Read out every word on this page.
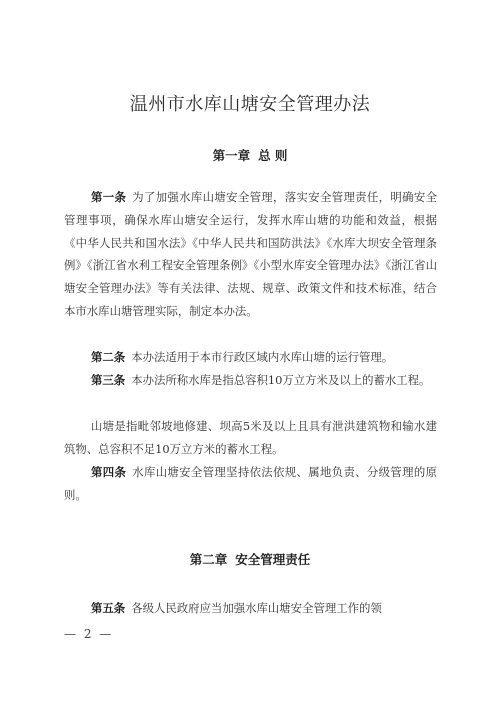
温州市水库山塘安全管理办法
第一章 总 则

第一条 为了加强水库山塘安全管理，落实安全管理责任，明确安全管理事项，确保水库山塘安全运行，发挥水库山塘的功能和效益，根据《中华人民共和国水法》《中华人民共和国防洪法》《水库大坝安全管理条例》《浙江省水利工程安全管理条例》《小型水库安全管理办法》《浙江省山塘安全管理办法》等有关法律、法规、规章、政策文件和技术标准，结合本市水库山塘管理实际，制定本办法。

第二条 本办法适用于本市行政区域内水库山塘的运行管理。

第三条 本办法所称水库是指总容积10万立方米及以上的蓄水工程。

山塘是指毗邻坡地修建、坝高5米及以上且具有泄洪建筑物和输水建筑物、总容积不足10万立方米的蓄水工程。

第四条 水库山塘安全管理坚持依法依规、属地负责、分级管理的原则。

第二章 安全管理责任

第五条 各级人民政府应当加强水库山塘安全管理工作的领

— 2 —
